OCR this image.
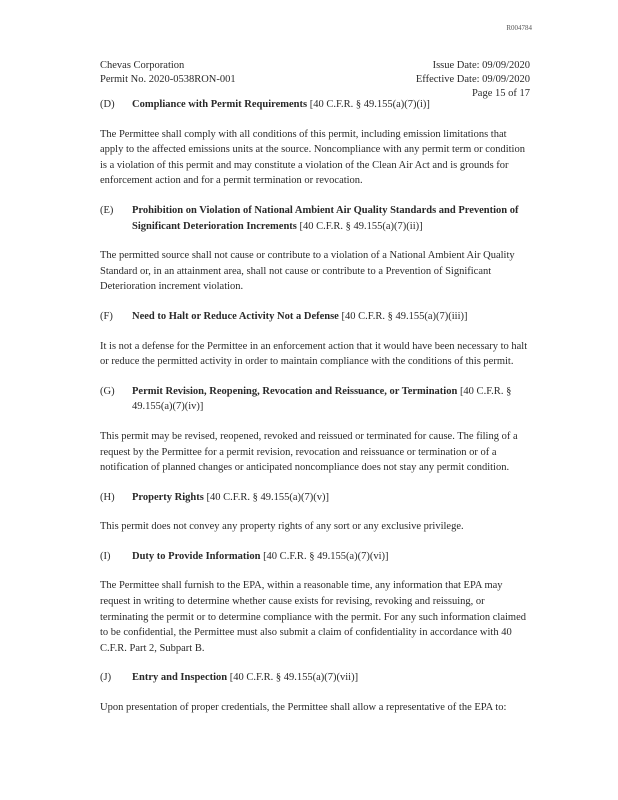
R004784
Chevas Corporation	Issue Date: 09/09/2020
Permit No. 2020-0538RON-001	Effective Date: 09/09/2020
Page 15 of 17
(D)	Compliance with Permit Requirements [40 C.F.R. § 49.155(a)(7)(i)]

The Permittee shall comply with all conditions of this permit, including emission limitations that apply to the affected emissions units at the source. Noncompliance with any permit term or condition is a violation of this permit and may constitute a violation of the Clean Air Act and is grounds for enforcement action and for a permit termination or revocation.

(E)	Prohibition on Violation of National Ambient Air Quality Standards and Prevention of Significant Deterioration Increments [40 C.F.R. § 49.155(a)(7)(ii)]

The permitted source shall not cause or contribute to a violation of a National Ambient Air Quality Standard or, in an attainment area, shall not cause or contribute to a Prevention of Significant Deterioration increment violation.

(F)	Need to Halt or Reduce Activity Not a Defense [40 C.F.R. § 49.155(a)(7)(iii)]

It is not a defense for the Permittee in an enforcement action that it would have been necessary to halt or reduce the permitted activity in order to maintain compliance with the conditions of this permit.

(G)	Permit Revision, Reopening, Revocation and Reissuance, or Termination [40 C.F.R. § 49.155(a)(7)(iv)]

This permit may be revised, reopened, revoked and reissued or terminated for cause. The filing of a request by the Permittee for a permit revision, revocation and reissuance or termination or of a notification of planned changes or anticipated noncompliance does not stay any permit condition.

(H)	Property Rights [40 C.F.R. § 49.155(a)(7)(v)]

This permit does not convey any property rights of any sort or any exclusive privilege.

(I)	Duty to Provide Information [40 C.F.R. § 49.155(a)(7)(vi)]

The Permittee shall furnish to the EPA, within a reasonable time, any information that EPA may request in writing to determine whether cause exists for revising, revoking and reissuing, or terminating the permit or to determine compliance with the permit. For any such information claimed to be confidential, the Permittee must also submit a claim of confidentiality in accordance with 40 C.F.R. Part 2, Subpart B.

(J)	Entry and Inspection [40 C.F.R. § 49.155(a)(7)(vii)]

Upon presentation of proper credentials, the Permittee shall allow a representative of the EPA to:
